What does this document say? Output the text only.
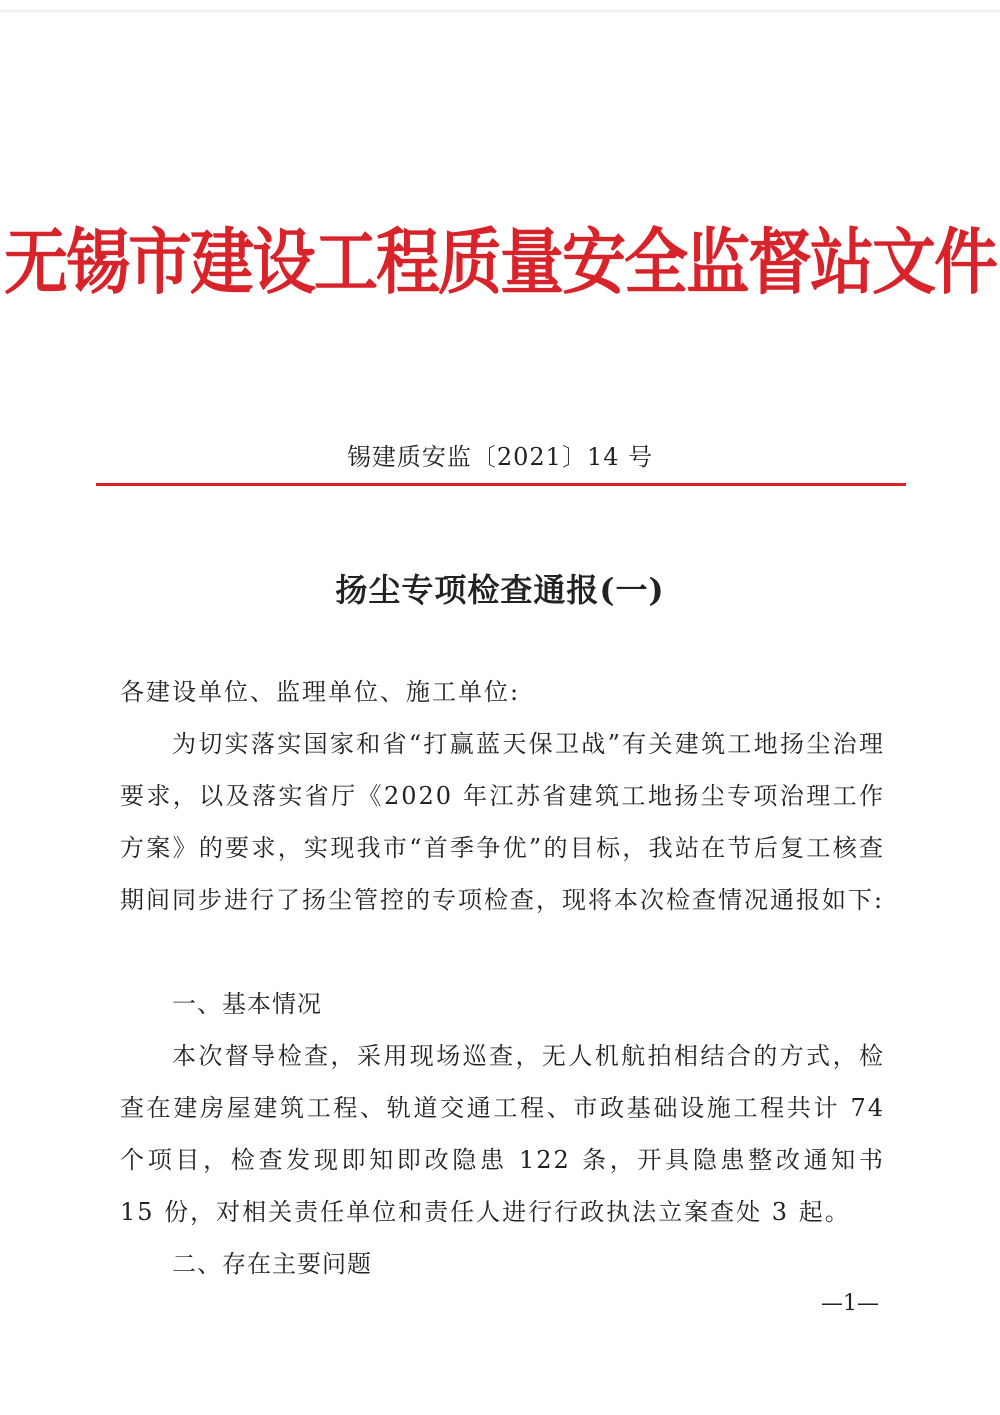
无锡市建设工程质量安全监督站文件
锡建质安监〔2021〕14 号
扬尘专项检查通报(一)

各建设单位、监理单位、施工单位:

为切实落实国家和省“打赢蓝天保卫战”有关建筑工地扬尘治理要求，以及落实省厅《2020 年江苏省建筑工地扬尘专项治理工作方案》的要求，实现我市“首季争优”的目标，我站在节后复工核查期间同步进行了扬尘管控的专项检查，现将本次检查情况通报如下:

一、基本情况

本次督导检查，采用现场巡查，无人机航拍相结合的方式，检查在建房屋建筑工程、轨道交通工程、市政基础设施工程共计 74 个项目，检查发现即知即改隐患 122 条，开具隐患整改通知书 15 份，对相关责任单位和责任人进行行政执法立案查处 3 起。

二、存在主要问题
—1—
